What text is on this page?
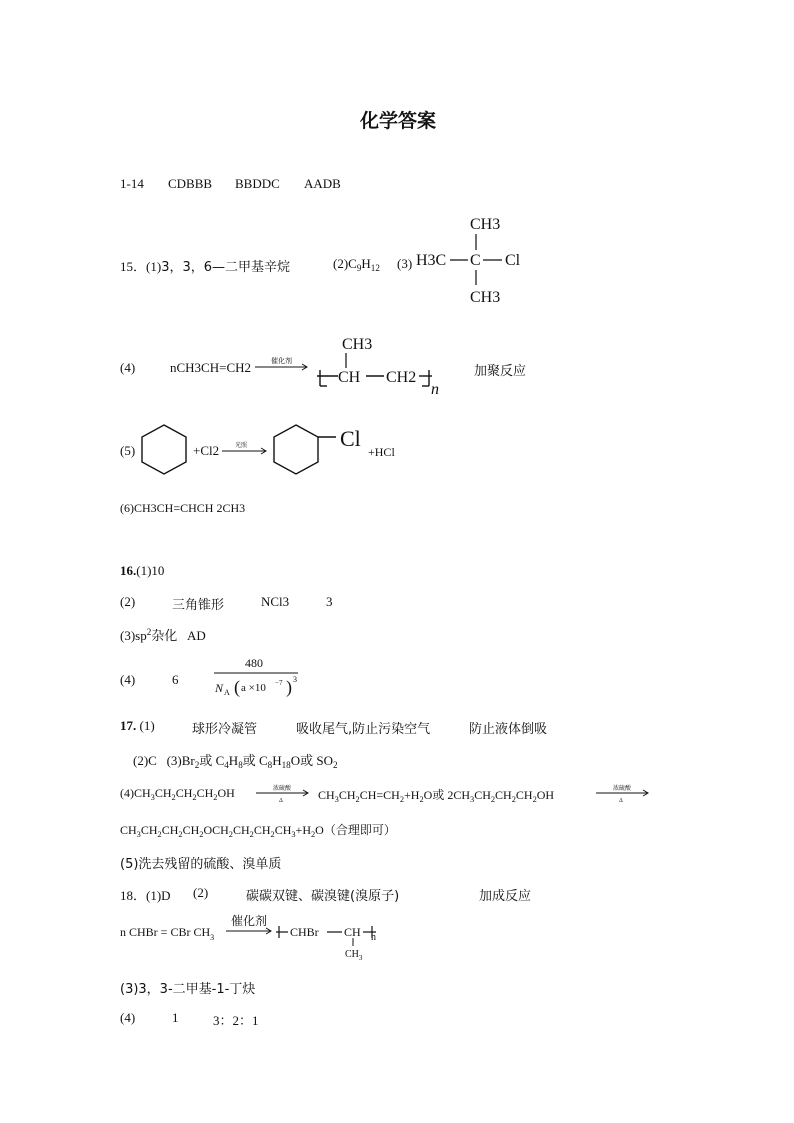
化学答案
1-14 CDBBB BBDDC AADB
15．(1)3，3，6—二甲基辛烷	$(2)C_9H_{12}$ (3)
CH3
H3C C Cl
CH3
(4)	nCH3CH=CH2	催化剂
CH3
CH CH2
n
加聚反应
(5)	+Cl2	光照	Cl
+HCl
(6)CH3CH=CHCH 2CH3
16.(1)10
(2)	三角锥形	NCl3	3
$(3)sp^2$杂化 AD
(4)	6
480
N A ( a ×10 −7 ) 3
17. (1)	球形冷凝管	吸收尾气,防止污染空气	防止液体倒吸
(2)C $(3)Br_2$或 $C_4H_8$或 $C_8H_{18}O$或 $SO_2$
$(4)CH_3CH_2CH_2CH_2OH$	浓硫酸
Δ	$CH_3CH_2CH=CH_2+H_2O$或 $2CH_3CH_2CH_2CH_2OH$	浓硫酸
Δ
$CH_3CH_2CH_2CH_2OCH_2CH_2CH_2CH_3+H_2O$（合理即可）
(5)洗去残留的硫酸、溴单质
18．(1)D (2)	碳碳双键、碳溴键(溴原子)	加成反应
n CHBr = CBr $CH_3$
催化剂
CHBr CH n
$CH_3$
(3)3，3-二甲基-1-丁炔
(4)	1	3：2：1
